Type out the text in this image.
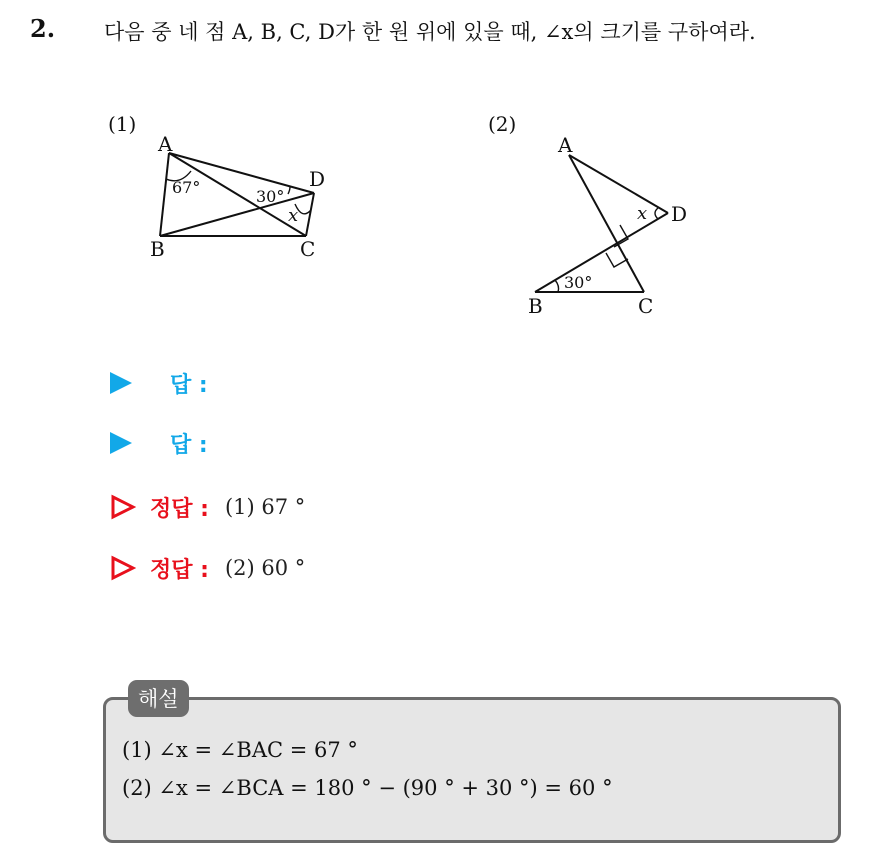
2. 다음 중 네 점 A, B, C, D가 한 원 위에 있을 때, ∠x의 크기를 구하여라.
(1)
A
D
B	C
67°	30°
x
(2)
A
D
B	C
30°
x
답 :
답 :
정답 : (1) 67 °
정답 : (2) 60 °
해설
(1) ∠x = ∠BAC = 67 °
(2) ∠x = ∠BCA = 180 ° − (90 ° + 30 °) = 60 °
